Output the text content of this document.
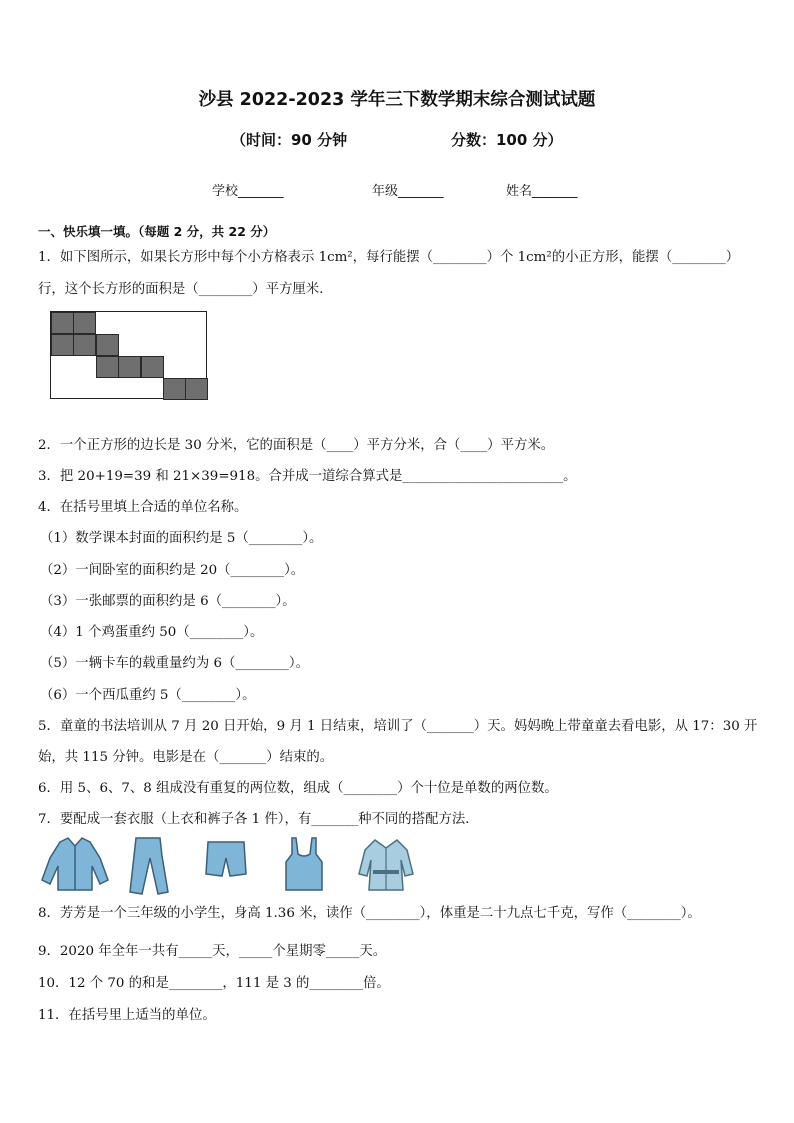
沙县 2022-2023 学年三下数学期末综合测试试题
（时间：90 分钟	分数：100 分）
学校_______	年级_______	姓名_______
一、快乐填一填。（每题 2 分，共 22 分）
1．如下图所示，如果长方形中每个小方格表示 1cm²，每行能摆（________）个 1cm²的小正方形，能摆（________）
行，这个长方形的面积是（________）平方厘米．
2．一个正方形的边长是 30 分米，它的面积是（____）平方分米，合（____）平方米。
3．把 20+19=39 和 21×39=918。合并成一道综合算式是________________________。
4．在括号里填上合适的单位名称。
（1）数学课本封面的面积约是 5（________）。
（2）一间卧室的面积约是 20（________）。
（3）一张邮票的面积约是 6（________）。
（4）1 个鸡蛋重约 50（________）。
（5）一辆卡车的载重量约为 6（________）。
（6）一个西瓜重约 5（________）。
5．童童的书法培训从 7 月 20 日开始，9 月 1 日结束，培训了（_______）天。妈妈晚上带童童去看电影，从 17：30 开
始，共 115 分钟。电影是在（_______）结束的。
6．用 5、6、7、8 组成没有重复的两位数，组成（________）个十位是单数的两位数。
7．要配成一套衣服（上衣和裤子各 1 件），有_______种不同的搭配方法．
8．芳芳是一个三年级的小学生，身高 1.36 米，读作（________），体重是二十九点七千克，写作（________）。
9．2020 年全年一共有_____天，_____个星期零_____天。
10．12 个 70 的和是________，111 是 3 的________倍。
11．在括号里上适当的单位。
